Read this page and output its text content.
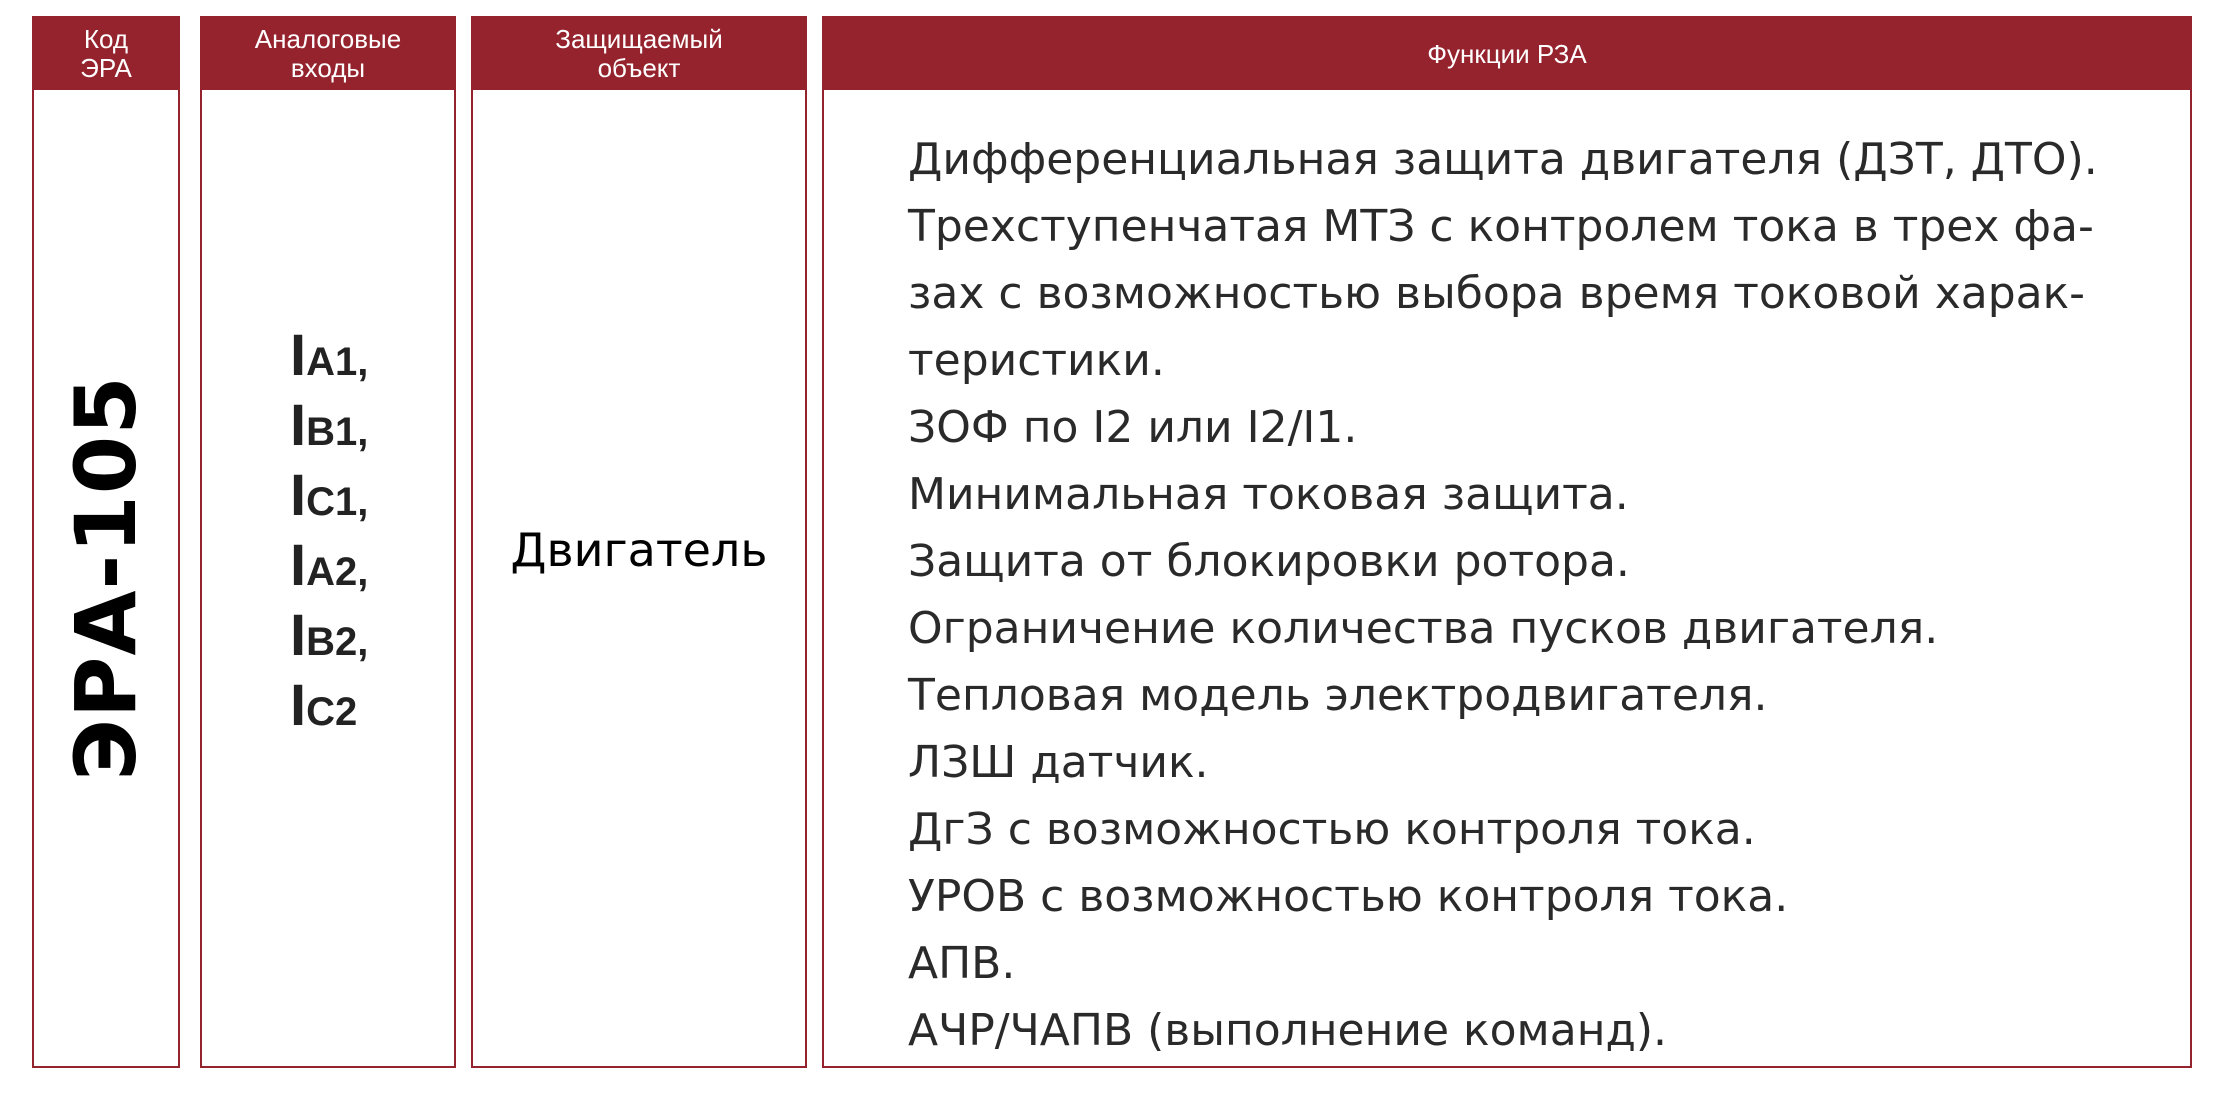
Код
ЭРА
ЭРА-105
Аналоговые
входы
I A1 ,
I B1 ,
I C1 ,
I A2 ,
I B2 ,
I C2
Защищаемый
объект
Двигатель
Функции РЗА
Дифференциальная защита двигателя (ДЗТ, ДТО).
Трехступенчатая МТЗ с контролем тока в трех фа-
зах с возможностью выбора время токовой харак-
теристики.
ЗОФ по I2 или I2/I1.
Минимальная токовая защита.
Защита от блокировки ротора.
Ограничение количества пусков двигателя.
Тепловая модель электродвигателя.
ЛЗШ датчик.
ДгЗ с возможностью контроля тока.
УРОВ с возможностью контроля тока.
АПВ.
АЧР/ЧАПВ (выполнение команд).
